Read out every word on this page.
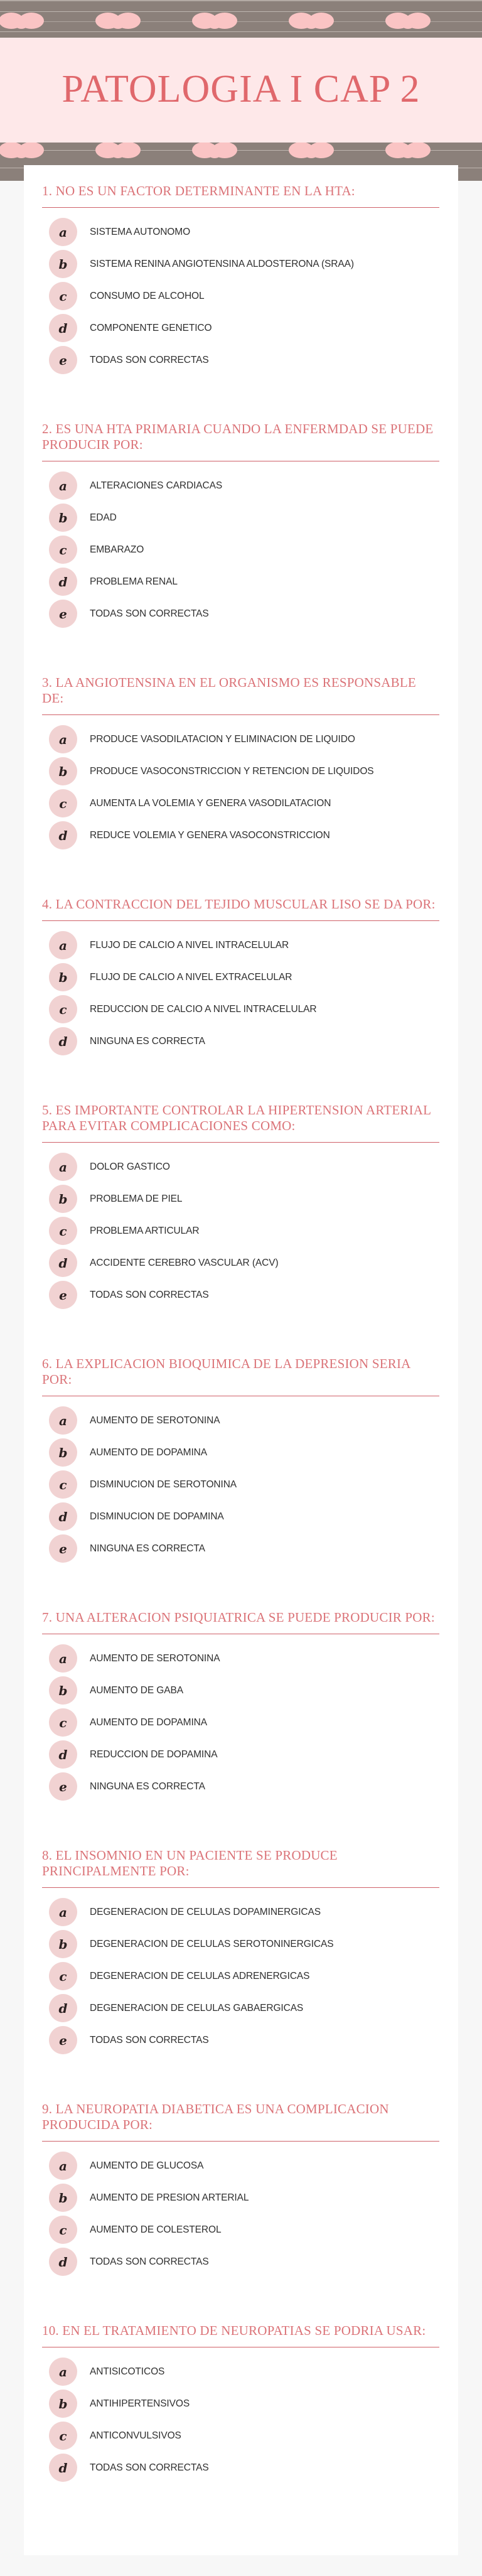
PATOLOGIA I CAP 2
1. NO ES UN FACTOR DETERMINANTE EN LA HTA:
a	SISTEMA AUTONOMO
b	SISTEMA RENINA ANGIOTENSINA ALDOSTERONA (SRAA)
c	CONSUMO DE ALCOHOL
d	COMPONENTE GENETICO
e	TODAS SON CORRECTAS
2. ES UNA HTA PRIMARIA CUANDO LA ENFERMDAD SE PUEDE PRODUCIR POR:
a	ALTERACIONES CARDIACAS
b	EDAD
c	EMBARAZO
d	PROBLEMA RENAL
e	TODAS SON CORRECTAS
3. LA ANGIOTENSINA EN EL ORGANISMO ES RESPONSABLE DE:
a	PRODUCE VASODILATACION Y ELIMINACION DE LIQUIDO
b	PRODUCE VASOCONSTRICCION Y RETENCION DE LIQUIDOS
c	AUMENTA LA VOLEMIA Y GENERA VASODILATACION
d	REDUCE VOLEMIA Y GENERA VASOCONSTRICCION
4. LA CONTRACCION DEL TEJIDO MUSCULAR LISO SE DA POR:
a	FLUJO DE CALCIO A NIVEL INTRACELULAR
b	FLUJO DE CALCIO A NIVEL EXTRACELULAR
c	REDUCCION DE CALCIO A NIVEL INTRACELULAR
d	NINGUNA ES CORRECTA
5. ES IMPORTANTE CONTROLAR LA HIPERTENSION ARTERIAL PARA EVITAR COMPLICACIONES COMO:
a	DOLOR GASTICO
b	PROBLEMA DE PIEL
c	PROBLEMA ARTICULAR
d	ACCIDENTE CEREBRO VASCULAR (ACV)
e	TODAS SON CORRECTAS
6. LA EXPLICACION BIOQUIMICA DE LA DEPRESION SERIA POR:
a	AUMENTO DE SEROTONINA
b	AUMENTO DE DOPAMINA
c	DISMINUCION DE SEROTONINA
d	DISMINUCION DE DOPAMINA
e	NINGUNA ES CORRECTA
7. UNA ALTERACION PSIQUIATRICA SE PUEDE PRODUCIR POR:
a	AUMENTO DE SEROTONINA
b	AUMENTO DE GABA
c	AUMENTO DE DOPAMINA
d	REDUCCION DE DOPAMINA
e	NINGUNA ES CORRECTA
8. EL INSOMNIO EN UN PACIENTE SE PRODUCE PRINCIPALMENTE POR:
a	DEGENERACION DE CELULAS DOPAMINERGICAS
b	DEGENERACION DE CELULAS SEROTONINERGICAS
c	DEGENERACION DE CELULAS ADRENERGICAS
d	DEGENERACION DE CELULAS GABAERGICAS
e	TODAS SON CORRECTAS
9. LA NEUROPATIA DIABETICA ES UNA COMPLICACION PRODUCIDA POR:
a	AUMENTO DE GLUCOSA
b	AUMENTO DE PRESION ARTERIAL
c	AUMENTO DE COLESTEROL
d	TODAS SON CORRECTAS
10. EN EL TRATAMIENTO DE NEUROPATIAS SE PODRIA USAR:
a	ANTISICOTICOS
b	ANTIHIPERTENSIVOS
c	ANTICONVULSIVOS
d	TODAS SON CORRECTAS
